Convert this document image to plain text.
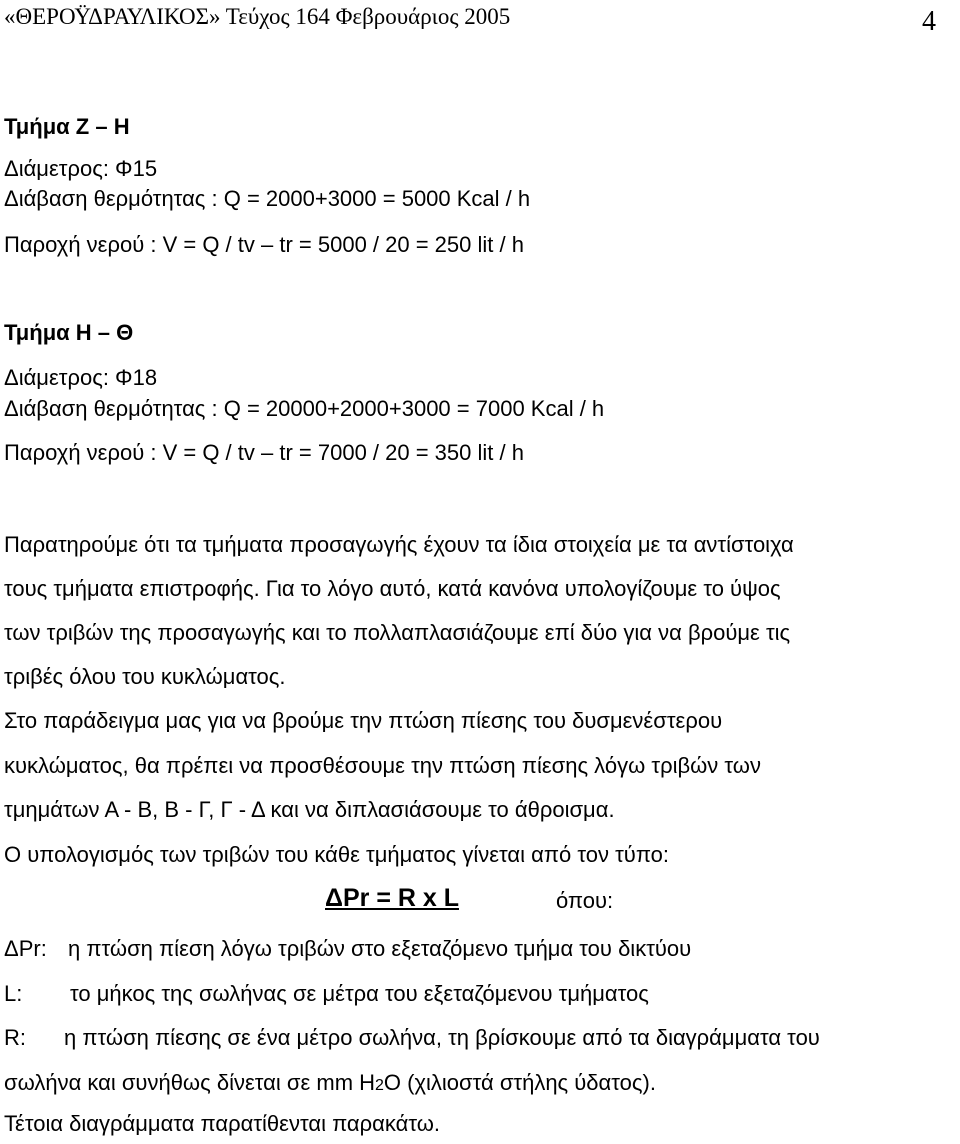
«ΘΕΡΟΫΔΡΑΥΛΙΚΟΣ» Τεύχος 164 Φεβρουάριος 2005	4
Τμήμα Ζ – Η
Διάμετρος: Φ15
Διάβαση θερμότητας : Q = 2000+3000 = 5000 Kcal / h
Παροχή νερού : V = Q / tv – tr = 5000 / 20 = 250 lit / h
Τμήμα Η – Θ
Διάμετρος: Φ18
Διάβαση θερμότητας : Q = 20000+2000+3000 = 7000 Kcal / h
Παροχή νερού : V = Q / tv – tr = 7000 / 20 = 350 lit / h
Παρατηρούμε ότι τα τμήματα προσαγωγής έχουν τα ίδια στοιχεία με τα αντίστοιχα
τους τμήματα επιστροφής. Για το λόγο αυτό, κατά κανόνα υπολογίζουμε το ύψος
των τριβών της προσαγωγής και το πολλαπλασιάζουμε επί δύο για να βρούμε τις
τριβές όλου του κυκλώματος.
Στο παράδειγμα μας για να βρούμε την πτώση πίεσης του δυσμενέστερου
κυκλώματος, θα πρέπει να προσθέσουμε την πτώση πίεσης λόγω τριβών των
τμημάτων Α - Β, Β - Γ, Γ - Δ και να διπλασιάσουμε το άθροισμα.
Ο υπολογισμός των τριβών του κάθε τμήματος γίνεται από τον τύπο:
ΔPr = R x L	όπου:
ΔPr: η πτώση πίεση λόγω τριβών στο εξεταζόμενο τμήμα του δικτύου
L: το μήκος της σωλήνας σε μέτρα του εξεταζόμενου τμήματος
R: η πτώση πίεσης σε ένα μέτρο σωλήνα, τη βρίσκουμε από τα διαγράμματα του
σωλήνα και συνήθως δίνεται σε mm H2O (χιλιοστά στήλης ύδατος).
Τέτοια διαγράμματα παρατίθενται παρακάτω.
